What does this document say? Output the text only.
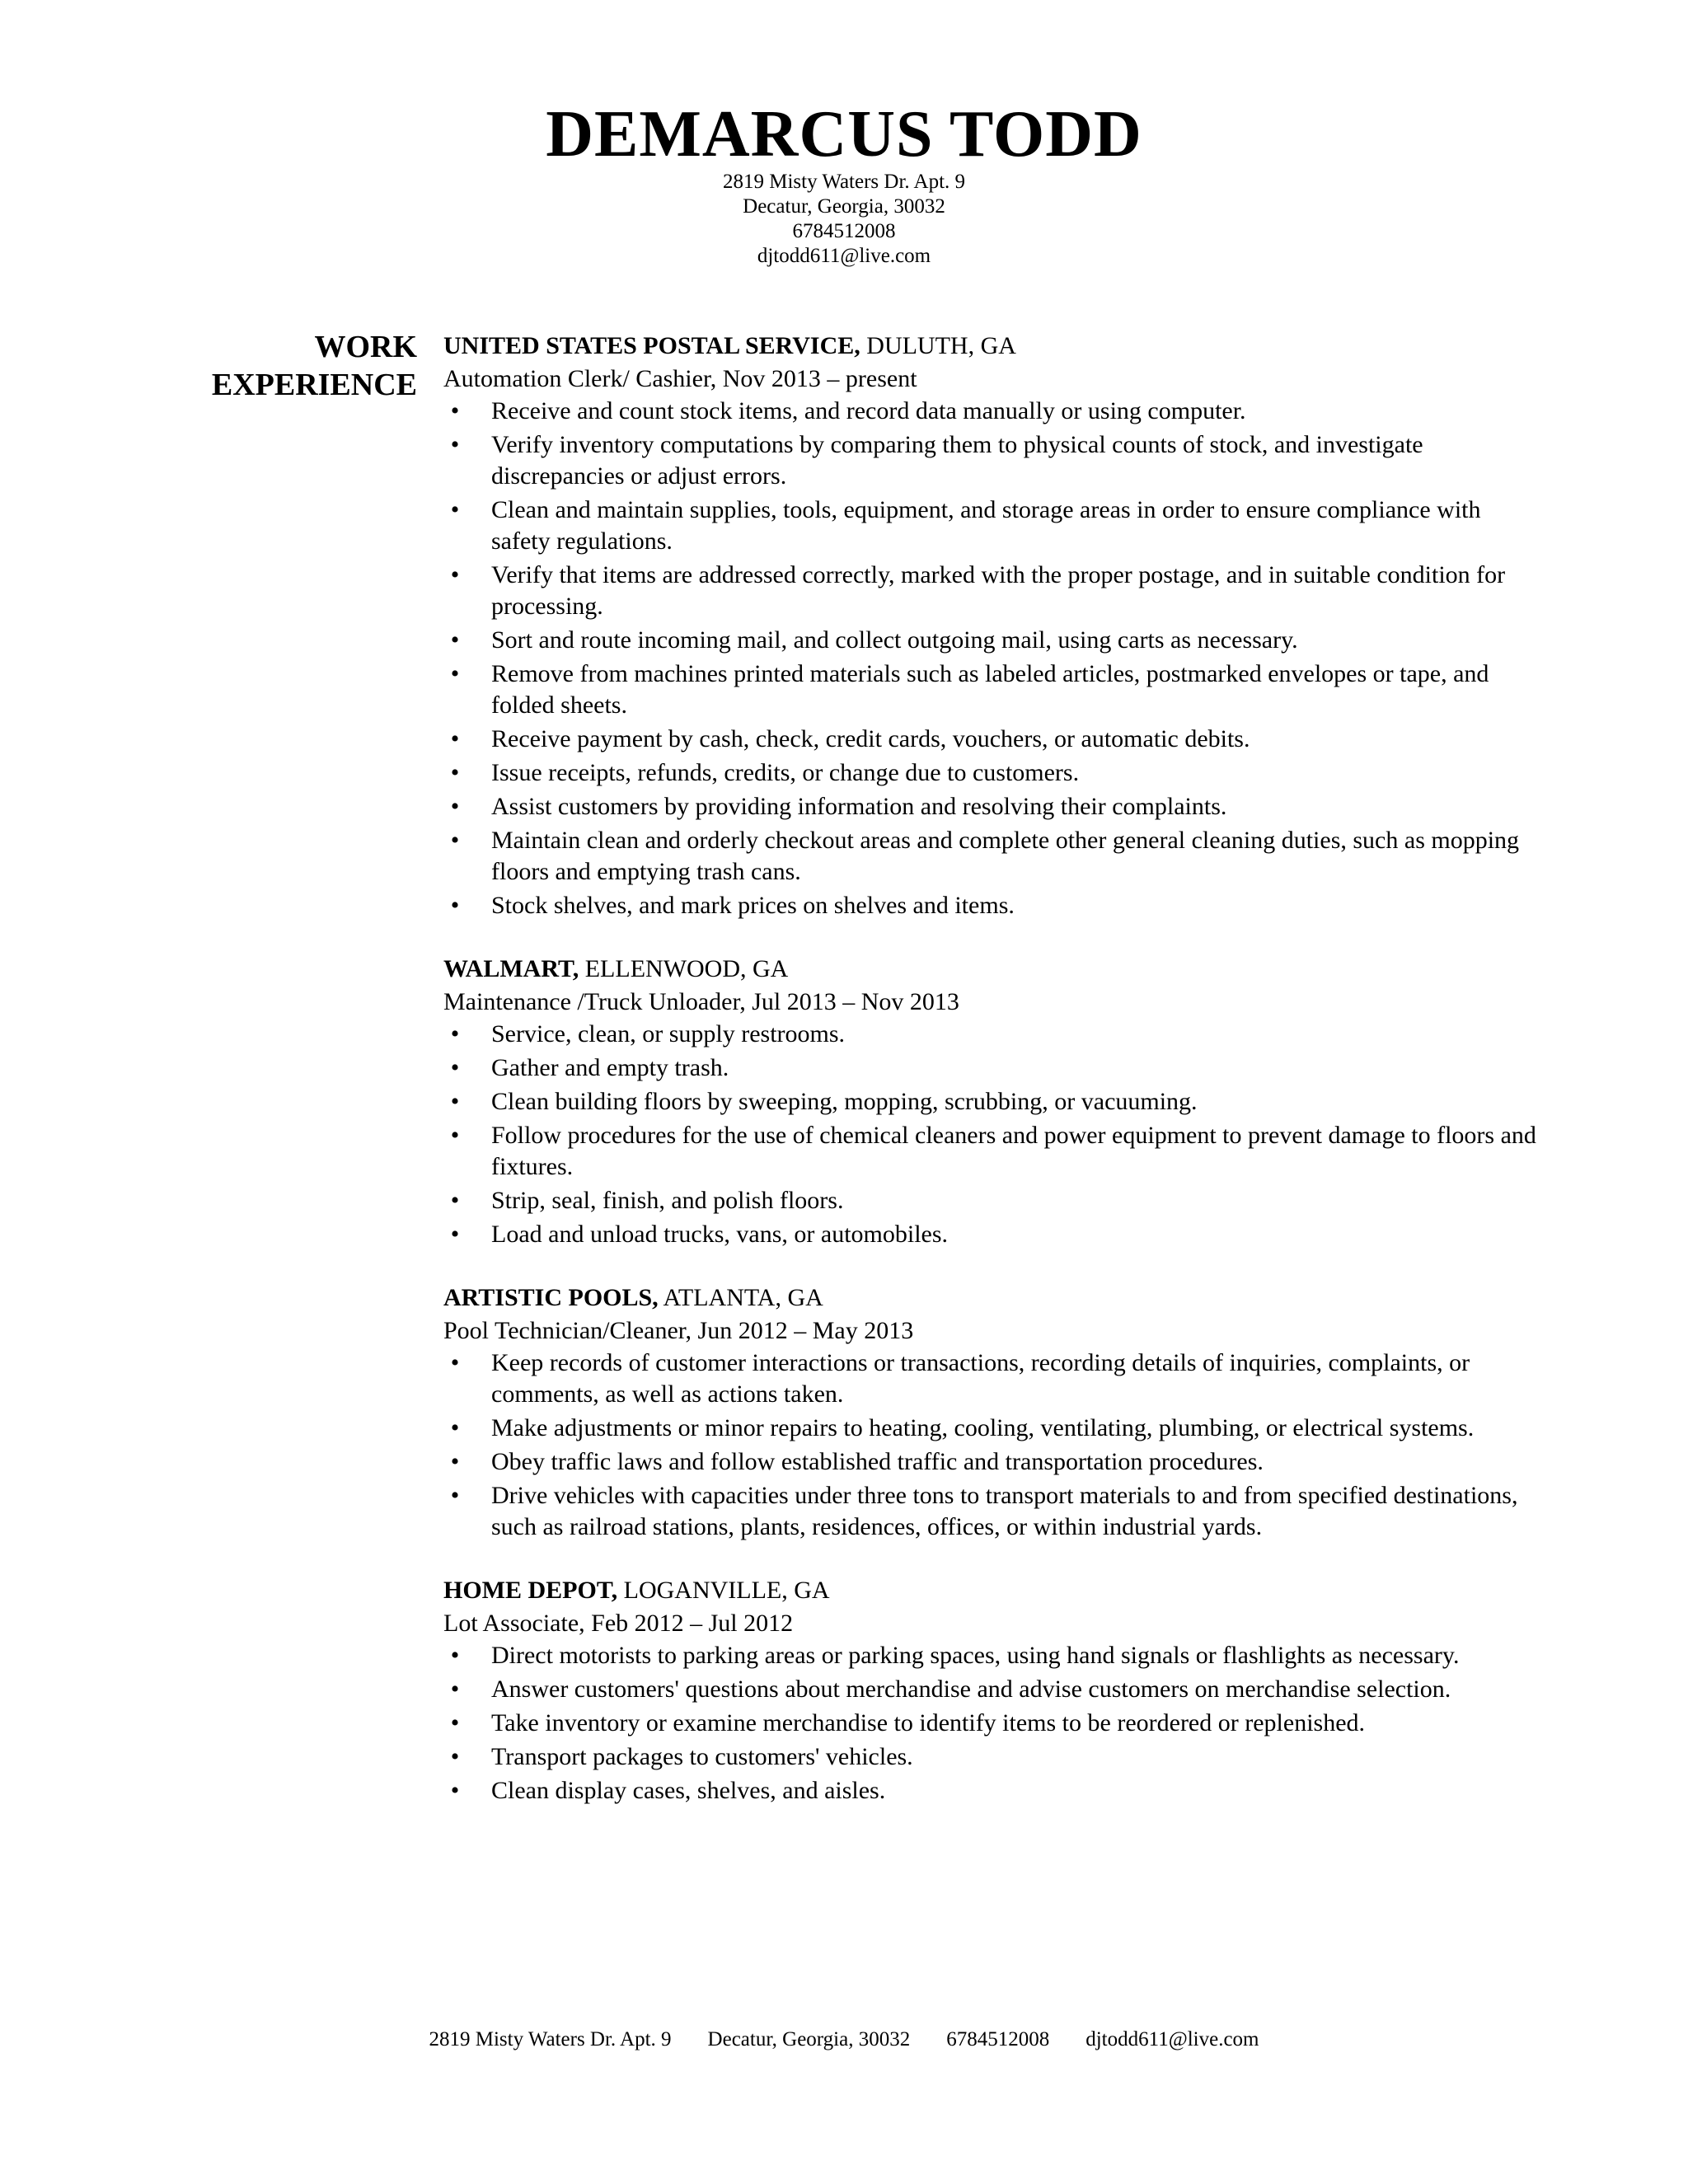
DEMARCUS TODD
2819 Misty Waters Dr. Apt. 9
Decatur, Georgia, 30032
6784512008
djtodd611@live.com
WORK
EXPERIENCE
UNITED STATES POSTAL SERVICE, DULUTH, GA
Automation Clerk/ Cashier, Nov 2013 – present
• Receive and count stock items, and record data manually or using computer.
• Verify inventory computations by comparing them to physical counts of stock, and investigate discrepancies or adjust errors.
• Clean and maintain supplies, tools, equipment, and storage areas in order to ensure compliance with safety regulations.
• Verify that items are addressed correctly, marked with the proper postage, and in suitable condition for processing.
• Sort and route incoming mail, and collect outgoing mail, using carts as necessary.
• Remove from machines printed materials such as labeled articles, postmarked envelopes or tape, and folded sheets.
• Receive payment by cash, check, credit cards, vouchers, or automatic debits.
• Issue receipts, refunds, credits, or change due to customers.
• Assist customers by providing information and resolving their complaints.
• Maintain clean and orderly checkout areas and complete other general cleaning duties, such as mopping floors and emptying trash cans.
• Stock shelves, and mark prices on shelves and items.
WALMART, ELLENWOOD, GA
Maintenance /Truck Unloader, Jul 2013 – Nov 2013
• Service, clean, or supply restrooms.
• Gather and empty trash.
• Clean building floors by sweeping, mopping, scrubbing, or vacuuming.
• Follow procedures for the use of chemical cleaners and power equipment to prevent damage to floors and fixtures.
• Strip, seal, finish, and polish floors.
• Load and unload trucks, vans, or automobiles.
ARTISTIC POOLS, ATLANTA, GA
Pool Technician/Cleaner, Jun 2012 – May 2013
• Keep records of customer interactions or transactions, recording details of inquiries, complaints, or comments, as well as actions taken.
• Make adjustments or minor repairs to heating, cooling, ventilating, plumbing, or electrical systems.
• Obey traffic laws and follow established traffic and transportation procedures.
• Drive vehicles with capacities under three tons to transport materials to and from specified destinations, such as railroad stations, plants, residences, offices, or within industrial yards.
HOME DEPOT, LOGANVILLE, GA
Lot Associate, Feb 2012 – Jul 2012
• Direct motorists to parking areas or parking spaces, using hand signals or flashlights as necessary.
• Answer customers' questions about merchandise and advise customers on merchandise selection.
• Take inventory or examine merchandise to identify items to be reordered or replenished.
• Transport packages to customers' vehicles.
• Clean display cases, shelves, and aisles.
2819 Misty Waters Dr. Apt. 9 Decatur, Georgia, 30032 6784512008 djtodd611@live.com
